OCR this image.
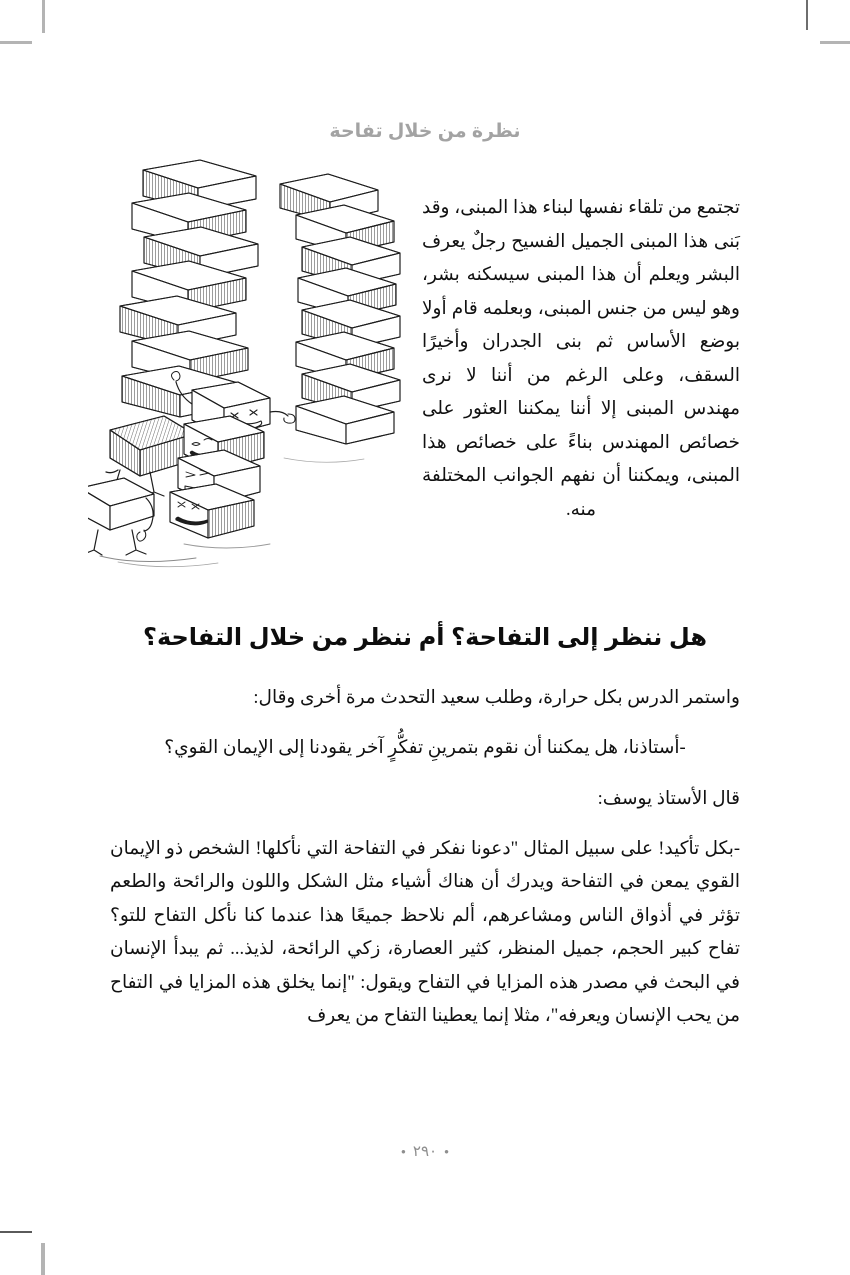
نظرة من خلال تفاحة
تجتمع من تلقاء نفسها لبناء هذا المبنى، وقد بَنى هذا المبنى الجميل الفسيح رجلٌ يعرف البشر ويعلم أن هذا المبنى سيسكنه بشر، وهو ليس من جنس المبنى، وبعلمه قام أولا بوضع الأساس ثم بنى الجدران وأخيرًا السقف، وعلى الرغم من أننا لا نرى مهندس المبنى إلا أننا يمكننا العثور على خصائص المهندس بناءً على خصائص هذا المبنى، ويمكننا أن نفهم الجوانب المختلفة منه.
هل ننظر إلى التفاحة؟ أم ننظر من خلال التفاحة؟

واستمر الدرس بكل حرارة، وطلب سعيد التحدث مرة أخرى وقال:

-أستاذنا، هل يمكننا أن نقوم بتمرينِ تفكُّرٍ آخر يقودنا إلى الإيمان القوي؟

قال الأستاذ يوسف:

-بكل تأكيد! على سبيل المثال "دعونا نفكر في التفاحة التي نأكلها! الشخص ذو الإيمان القوي يمعن في التفاحة ويدرك أن هناك أشياء مثل الشكل واللون والرائحة والطعم تؤثر في أذواق الناس ومشاعرهم، ألم نلاحظ جميعًا هذا عندما كنا نأكل التفاح للتو؟ تفاح كبير الحجم، جميل المنظر، كثير العصارة، زكي الرائحة، لذيذ... ثم يبدأ الإنسان في البحث في مصدر هذه المزايا في التفاح ويقول: "إنما يخلق هذه المزايا في التفاح من يحب الإنسان ويعرفه"، مثلا إنما يعطينا التفاح من يعرف

• ٢٩٠ •
